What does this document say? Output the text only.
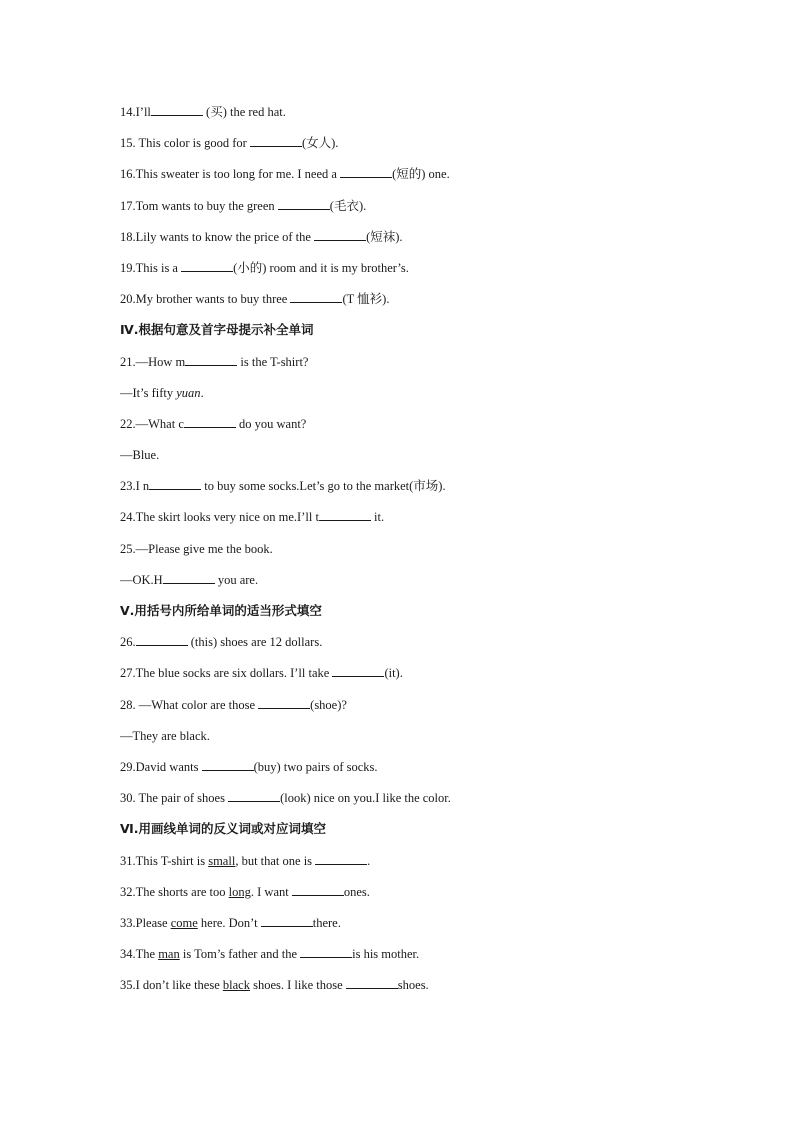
14.I’ll	(买) the red hat.
15. This color is good for	(女人).
16.This sweater is too long for me. I need a	(短的) one.
17.Tom wants to buy the green	(毛衣).
18.Lily wants to know the price of the	(短袜).
19.This is a	(小的) room and it is my brother’s.
20.My brother wants to buy three	(T 恤衫).
Ⅳ.根据句意及首字母提示补全单词
21.—How m	is the T-shirt?
—It’s fifty yuan.
22.—What c	do you want?
—Blue.
23.I n	to buy some socks.Let’s go to the market(市场).
24.The skirt looks very nice on me.I’ll t	it.
25.—Please give me the book.
—OK.H	you are.
Ⅴ.用括号内所给单词的适当形式填空
26.	(this) shoes are 12 dollars.
27.The blue socks are six dollars. I’ll take	(it).
28. —What color are those	(shoe)?
—They are black.
29.David wants	(buy) two pairs of socks.
30. The pair of shoes	(look) nice on you.I like the color.
Ⅵ.用画线单词的反义词或对应词填空
31.This T-shirt is small, but that one is	.
32.The shorts are too long. I want	ones.
33.Please come here. Don’t	there.
34.The man is Tom’s father and the	is his mother.
35.I don’t like these black shoes. I like those	shoes.
